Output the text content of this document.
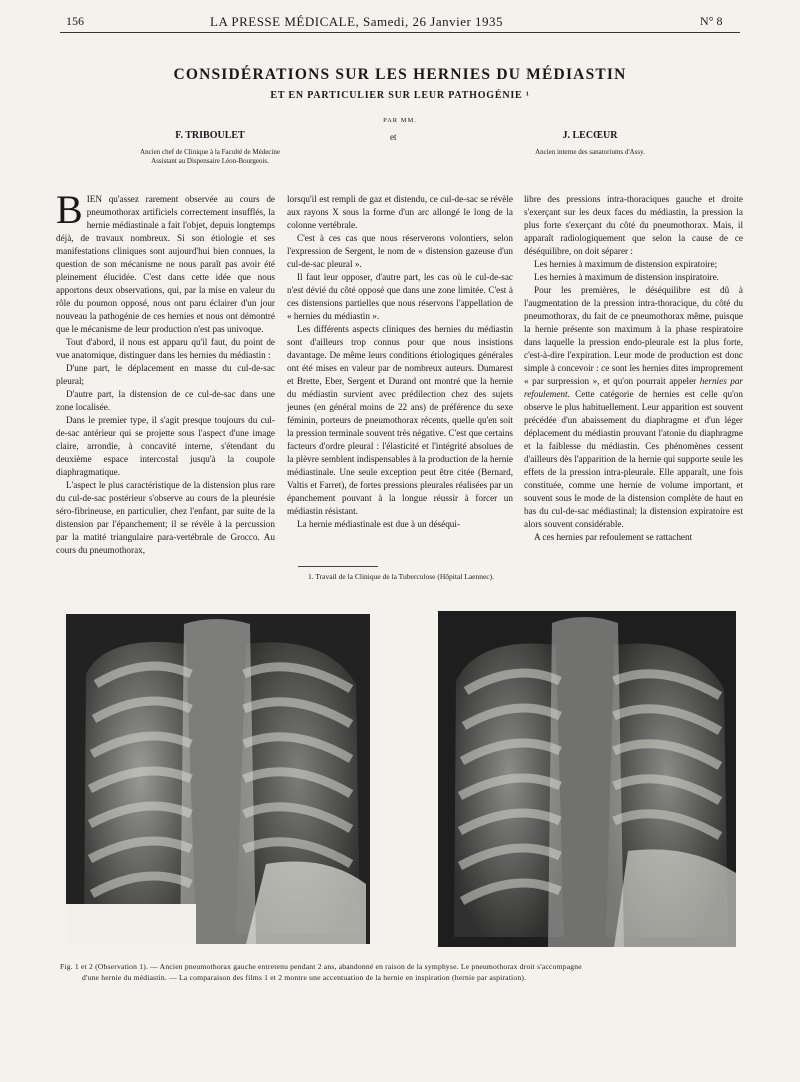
156	LA PRESSE MÉDICALE, Samedi, 26 Janvier 1935	N° 8
CONSIDÉRATIONS SUR LES HERNIES DU MÉDIASTIN
ET EN PARTICULIER SUR LEUR PATHOGÉNIE ¹
PAR MM.
et
F. TRIBOULET
Ancien chef de Clinique à la Faculté de Médecine
Assistant au Dispensaire Léon-Bourgeois.
J. LECŒUR
Ancien interne des sanatoriums d'Assy.

BIEN qu'assez rarement observée au cours de pneumothorax artificiels correctement insufflés, la hernie médiastinale a fait l'objet, depuis longtemps déjà, de travaux nombreux. Si son étiologie et ses manifestations cliniques sont aujourd'hui bien connues, la question de son mécanisme ne nous paraît pas avoir été pleinement élucidée. C'est dans cette idée que nous apportons deux observations, qui, par la mise en valeur du rôle du poumon opposé, nous ont paru éclairer d'un jour nouveau la pathogénie de ces hernies et nous ont démontré que le mécanisme de leur production n'est pas univoque.

Tout d'abord, il nous est apparu qu'il faut, du point de vue anatomique, distinguer dans les hernies du médiastin :

D'une part, le déplacement en masse du cul-de-sac pleural;

D'autre part, la distension de ce cul-de-sac dans une zone localisée.

Dans le premier type, il s'agit presque toujours du cul-de-sac antérieur qui se projette sous l'aspect d'une image claire, arrondie, à concavité interne, s'étendant du deuxième espace intercostal jusqu'à la coupole diaphragmatique.

L'aspect le plus caractéristique de la distension plus rare du cul-de-sac postérieur s'observe au cours de la pleurésie séro-fibrineuse, en particulier, chez l'enfant, par suite de la distension par l'épanchement; il se révèle à la percussion par la matité triangulaire para-vertébrale de Grocco. Au cours du pneumothorax,

lorsqu'il est rempli de gaz et distendu, ce cul-de-sac se révèle aux rayons X sous la forme d'un arc allongé le long de la colonne vertébrale.

C'est à ces cas que nous réserverons volontiers, selon l'expression de Sergent, le nom de « distension gazeuse d'un cul-de-sac pleural ».

Il faut leur opposer, d'autre part, les cas où le cul-de-sac n'est dévié du côté opposé que dans une zone limitée. C'est à ces distensions partielles que nous réservons l'appellation de « hernies du médiastin ».

Les différents aspects cliniques des hernies du médiastin sont d'ailleurs trop connus pour que nous insistions davantage. De même leurs conditions étiologiques générales ont été mises en valeur par de nombreux auteurs. Dumarest et Brette, Eber, Sergent et Durand ont montré que la hernie du médiastin survient avec prédilection chez des sujets jeunes (en général moins de 22 ans) de préférence du sexe féminin, porteurs de pneumothorax récents, quelle qu'en soit la pression terminale souvent très négative. C'est que certains facteurs d'ordre pleural : l'élasticité et l'intégrité absolues de la plèvre semblent indispensables à la production de la hernie médiastinale. Une seule exception peut être citée (Bernard, Valtis et Farret), de fortes pressions pleurales réalisées par un épanchement pouvant à la longue réussir à forcer un médiastin résistant.

La hernie médiastinale est due à un déséqui-

1. Travail de la Clinique de la Tuberculose (Hôpital Laennec).

libre des pressions intra-thoraciques gauche et droite s'exerçant sur les deux faces du médiastin, la pression la plus forte s'exerçant du côté du pneumothorax. Mais, il apparaît radiologiquement que selon la cause de ce déséquilibre, on doit séparer :

Les hernies à maximum de distension expiratoire;

Les hernies à maximum de distension inspiratoire.

Pour les premières, le déséquilibre est dû à l'augmentation de la pression intra-thoracique, du côté du pneumothorax, du fait de ce pneumothorax même, puisque la hernie présente son maximum à la phase respiratoire dans laquelle la pression endo-pleurale est la plus forte, c'est-à-dire l'expiration. Leur mode de production est donc simple à concevoir : ce sont les hernies dites improprement « par surpression », et qu'on pourrait appeler hernies par refoulement. Cette catégorie de hernies est celle qu'on observe le plus habituellement. Leur apparition est souvent précédée d'un abaissement du diaphragme et d'un léger déplacement du médiastin prouvant l'atonie du diaphragme et la faiblesse du médiastin. Ces phénomènes cessent d'ailleurs dès l'apparition de la hernie qui supporte seule les effets de la pression intra-pleurale. Elle apparaît, une fois constituée, comme une hernie de volume important, et souvent sous le mode de la distension complète de haut en bas du cul-de-sac médiastinal; la distension expiratoire est alors souvent considérable.

A ces hernies par refoulement se rattachent

Fig. 1 et 2 (Observation 1). — Ancien pneumothorax gauche entretenu pendant 2 ans, abandonné en raison de la symphyse. Le pneumothorax droit s'accompagne
d'une hernie du médiastin. — La comparaison des films 1 et 2 montre une accentuation de la hernie en inspiration (hernie par aspiration).
